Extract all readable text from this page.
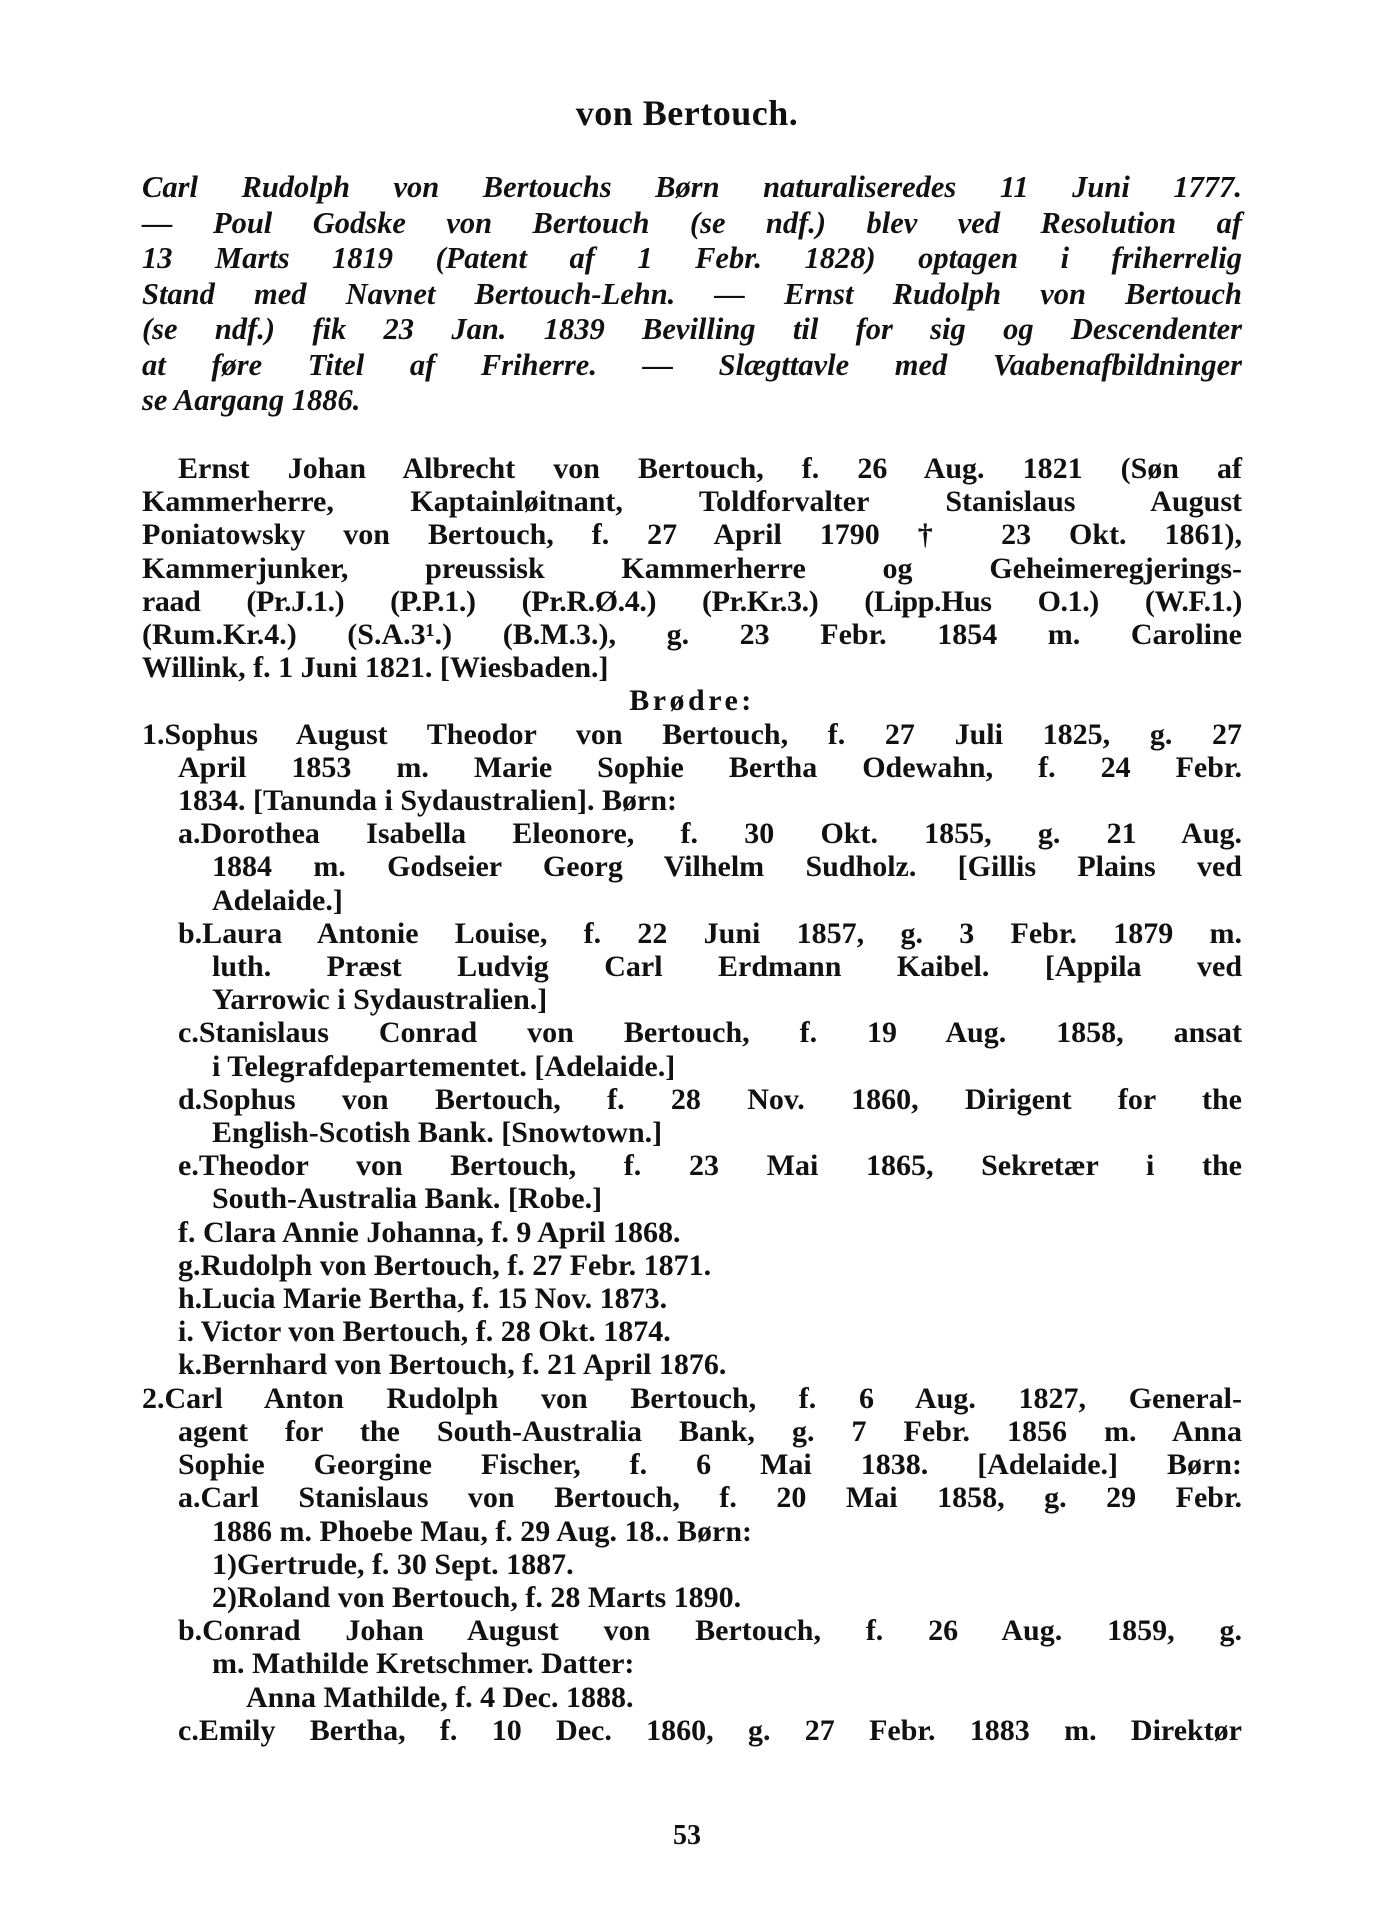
von Bertouch.
Carl Rudolph von Bertouchs Børn naturaliseredes 11 Juni 1777.
— Poul Godske von Bertouch (se ndf.) blev ved Resolution af
13 Marts 1819 (Patent af 1 Febr. 1828) optagen i friherrelig
Stand med Navnet Bertouch-Lehn. — Ernst Rudolph von Bertouch
(se ndf.) fik 23 Jan. 1839 Bevilling til for sig og Descendenter
at føre Titel af Friherre. — Slægttavle med Vaabenafbildninger
se Aargang 1886.
Ernst Johan Albrecht von Bertouch, f. 26 Aug. 1821 (Søn af
Kammerherre, Kaptainløitnant, Toldforvalter Stanislaus August
Poniatowsky von Bertouch, f. 27 April 1790 † 23 Okt. 1861),
Kammerjunker, preussisk Kammerherre og Geheimeregjerings-
raad (Pr.J.1.) (P.P.1.) (Pr.R.Ø.4.) (Pr.Kr.3.) (Lipp.Hus O.1.) (W.F.1.)
(Rum.Kr.4.) (S.A.3¹.) (B.M.3.), g. 23 Febr. 1854 m. Caroline
Willink, f. 1 Juni 1821. [Wiesbaden.]
Brødre:
1.Sophus August Theodor von Bertouch, f. 27 Juli 1825, g. 27
April 1853 m. Marie Sophie Bertha Odewahn, f. 24 Febr.
1834. [Tanunda i Sydaustralien]. Børn:
a.Dorothea Isabella Eleonore, f. 30 Okt. 1855, g. 21 Aug.
1884 m. Godseier Georg Vilhelm Sudholz. [Gillis Plains ved
Adelaide.]
b.Laura Antonie Louise, f. 22 Juni 1857, g. 3 Febr. 1879 m.
luth. Præst Ludvig Carl Erdmann Kaibel. [Appila ved
Yarrowic i Sydaustralien.]
c.Stanislaus Conrad von Bertouch, f. 19 Aug. 1858, ansat
i Telegrafdepartementet. [Adelaide.]
d.Sophus von Bertouch, f. 28 Nov. 1860, Dirigent for the
English-Scotish Bank. [Snowtown.]
e.Theodor von Bertouch, f. 23 Mai 1865, Sekretær i the
South-Australia Bank. [Robe.]
f. Clara Annie Johanna, f. 9 April 1868.
g.Rudolph von Bertouch, f. 27 Febr. 1871.
h.Lucia Marie Bertha, f. 15 Nov. 1873.
i. Victor von Bertouch, f. 28 Okt. 1874.
k.Bernhard von Bertouch, f. 21 April 1876.
2.Carl Anton Rudolph von Bertouch, f. 6 Aug. 1827, General-
agent for the South-Australia Bank, g. 7 Febr. 1856 m. Anna
Sophie Georgine Fischer, f. 6 Mai 1838. [Adelaide.] Børn:
a.Carl Stanislaus von Bertouch, f. 20 Mai 1858, g. 29 Febr.
1886 m. Phoebe Mau, f. 29 Aug. 18.. Børn:
1)Gertrude, f. 30 Sept. 1887.
2)Roland von Bertouch, f. 28 Marts 1890.
b.Conrad Johan August von Bertouch, f. 26 Aug. 1859, g.
m. Mathilde Kretschmer. Datter:
Anna Mathilde, f. 4 Dec. 1888.
c.Emily Bertha, f. 10 Dec. 1860, g. 27 Febr. 1883 m. Direktør
53
